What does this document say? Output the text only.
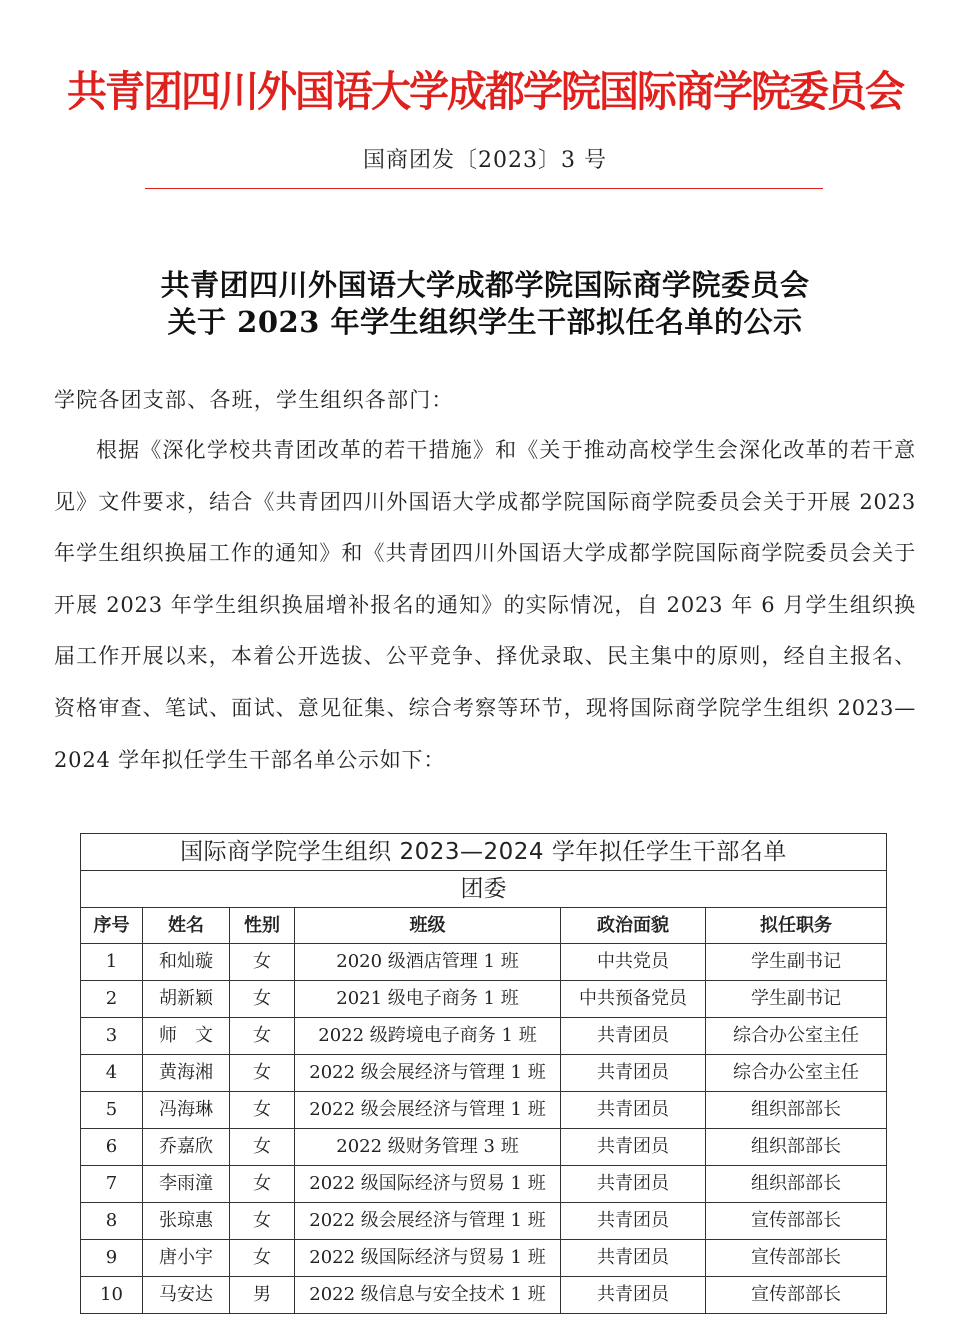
共青团四川外国语大学成都学院国际商学院委员会
国商团发〔2023〕3 号
共青团四川外国语大学成都学院国际商学院委员会
关于 2023 年学生组织学生干部拟任名单的公示
学院各团支部、各班，学生组织各部门：
根据《深化学校共青团改革的若干措施》和《关于推动高校学生会深化改革的若干意见》文件要求，结合《共青团四川外国语大学成都学院国际商学院委员会关于开展 2023 年学生组织换届工作的通知》和《共青团四川外国语大学成都学院国际商学院委员会关于开展 2023 年学生组织换届增补报名的通知》的实际情况，自 2023 年 6 月学生组织换届工作开展以来，本着公开选拔、公平竞争、择优录取、民主集中的原则，经自主报名、资格审查、笔试、面试、意见征集、综合考察等环节，现将国际商学院学生组织 2023—2024 学年拟任学生干部名单公示如下：
国际商学院学生组织 2023—2024 学年拟任学生干部名单					
团委					
序号	姓名	性别	班级	政治面貌	拟任职务
1	和灿璇	女	2020 级酒店管理 1 班	中共党员	学生副书记
2	胡新颖	女	2021 级电子商务 1 班	中共预备党员	学生副书记
3	师　文	女	2022 级跨境电子商务 1 班	共青团员	综合办公室主任
4	黄海湘	女	2022 级会展经济与管理 1 班	共青团员	综合办公室主任
5	冯海琳	女	2022 级会展经济与管理 1 班	共青团员	组织部部长
6	乔嘉欣	女	2022 级财务管理 3 班	共青团员	组织部部长
7	李雨潼	女	2022 级国际经济与贸易 1 班	共青团员	组织部部长
8	张琼惠	女	2022 级会展经济与管理 1 班	共青团员	宣传部部长
9	唐小宇	女	2022 级国际经济与贸易 1 班	共青团员	宣传部部长
10	马安达	男	2022 级信息与安全技术 1 班	共青团员	宣传部部长
